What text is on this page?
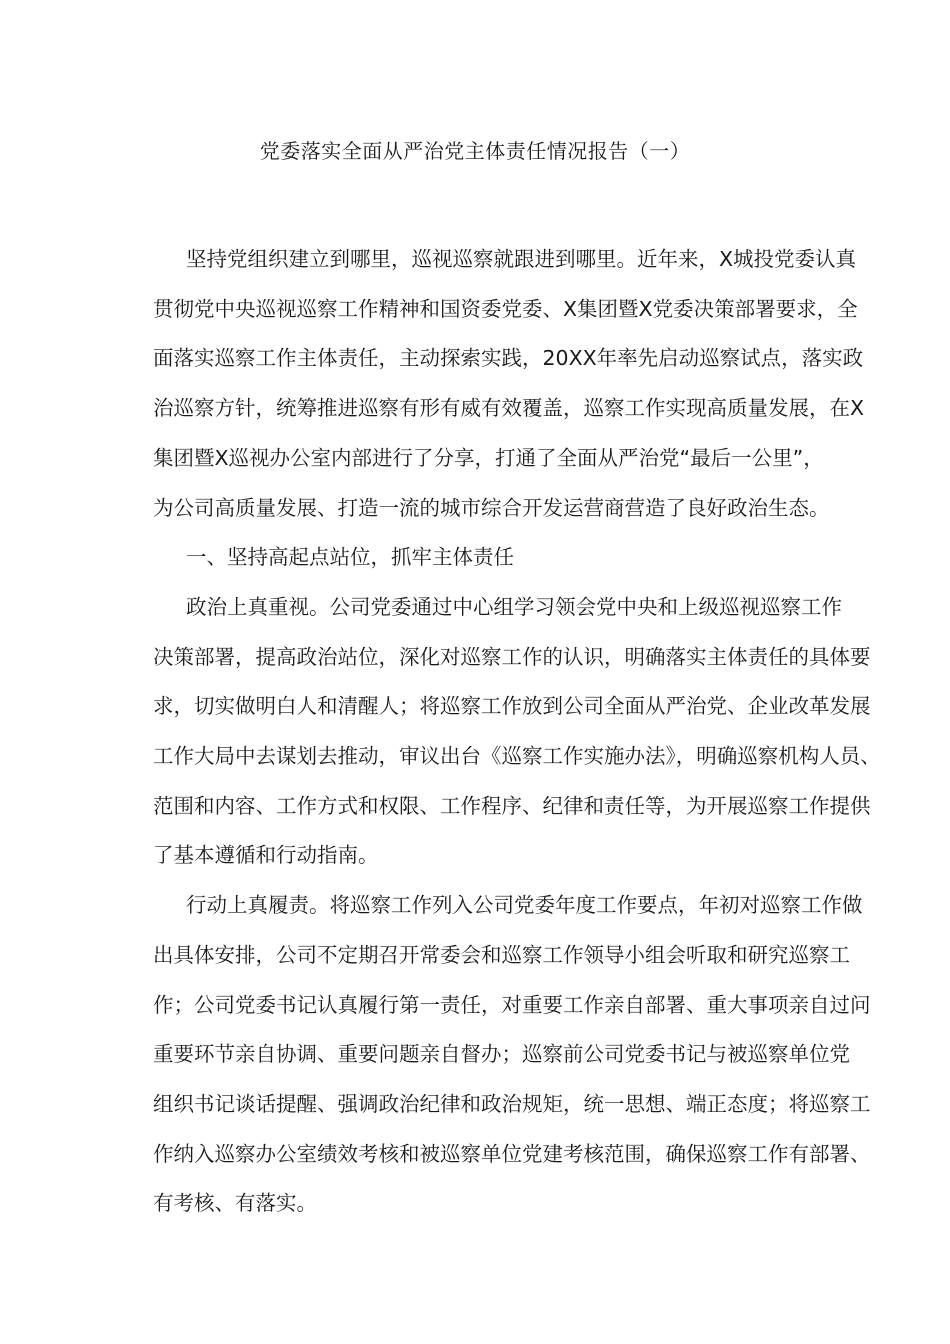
党委落实全面从严治党主体责任情况报告（一）
坚持党组织建立到哪里，巡视巡察就跟进到哪里。近年来，X城投党委认真
贯彻党中央巡视巡察工作精神和国资委党委、X集团暨X党委决策部署要求，全
面落实巡察工作主体责任，主动探索实践，20XX年率先启动巡察试点，落实政
治巡察方针，统筹推进巡察有形有威有效覆盖，巡察工作实现高质量发展，在X
集团暨X巡视办公室内部进行了分享，打通了全面从严治党“最后一公里”，
为公司高质量发展、打造一流的城市综合开发运营商营造了良好政治生态。
一、坚持高起点站位，抓牢主体责任
政治上真重视。公司党委通过中心组学习领会党中央和上级巡视巡察工作
决策部署，提高政治站位，深化对巡察工作的认识，明确落实主体责任的具体要
求，切实做明白人和清醒人；将巡察工作放到公司全面从严治党、企业改革发展
工作大局中去谋划去推动，审议出台《巡察工作实施办法》，明确巡察机构人员、
范围和内容、工作方式和权限、工作程序、纪律和责任等，为开展巡察工作提供
了基本遵循和行动指南。
行动上真履责。将巡察工作列入公司党委年度工作要点，年初对巡察工作做
出具体安排，公司不定期召开常委会和巡察工作领导小组会听取和研究巡察工
作；公司党委书记认真履行第一责任，对重要工作亲自部署、重大事项亲自过问
重要环节亲自协调、重要问题亲自督办；巡察前公司党委书记与被巡察单位党
组织书记谈话提醒、强调政治纪律和政治规矩，统一思想、端正态度；将巡察工
作纳入巡察办公室绩效考核和被巡察单位党建考核范围，确保巡察工作有部署、
有考核、有落实。
